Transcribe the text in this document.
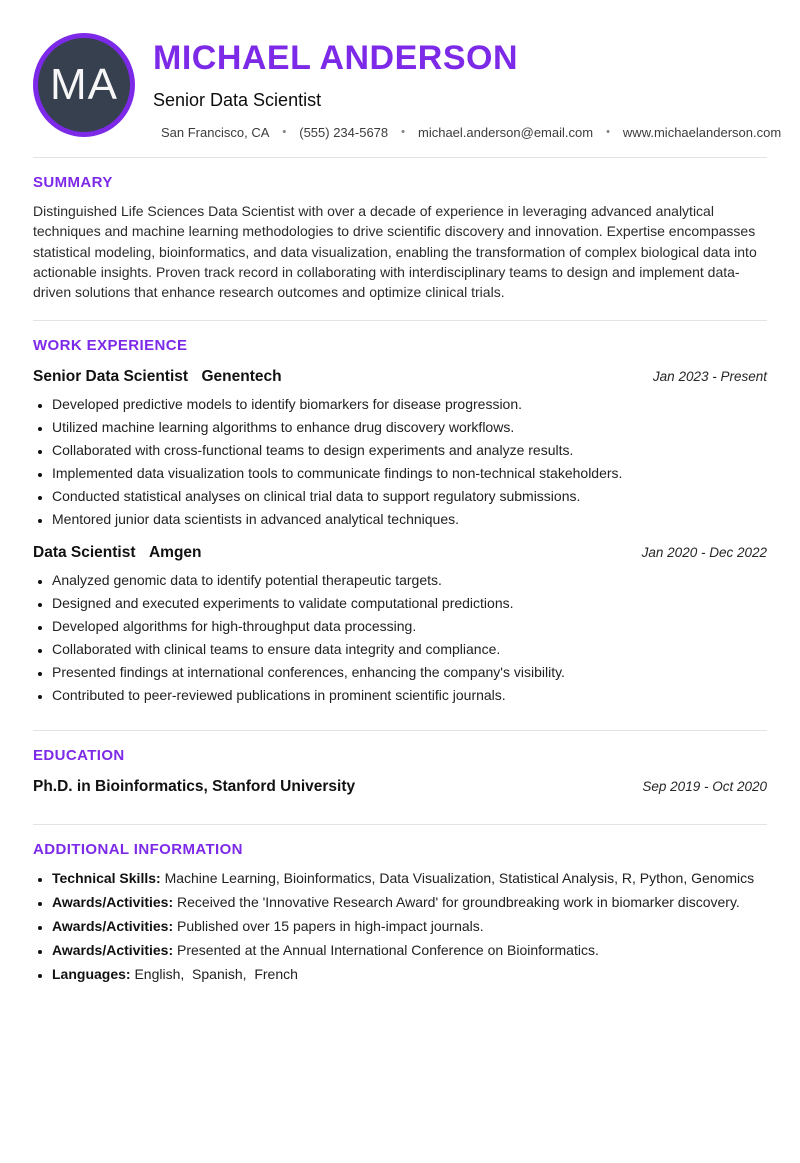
MA
MICHAEL ANDERSON
Senior Data Scientist
San Francisco, CA • (555) 234-5678 • michael.anderson@email.com • www.michaelanderson.com
SUMMARY

Distinguished Life Sciences Data Scientist with over a decade of experience in leveraging advanced analytical techniques and machine learning methodologies to drive scientific discovery and innovation. Expertise encompasses statistical modeling, bioinformatics, and data visualization, enabling the transformation of complex biological data into actionable insights. Proven track record in collaborating with interdisciplinary teams to design and implement data-driven solutions that enhance research outcomes and optimize clinical trials.

WORK EXPERIENCE
Senior Data Scientist Genentech	Jan 2023 - Present
• Developed predictive models to identify biomarkers for disease progression.
• Utilized machine learning algorithms to enhance drug discovery workflows.
• Collaborated with cross-functional teams to design experiments and analyze results.
• Implemented data visualization tools to communicate findings to non-technical stakeholders.
• Conducted statistical analyses on clinical trial data to support regulatory submissions.
• Mentored junior data scientists in advanced analytical techniques.
Data Scientist Amgen	Jan 2020 - Dec 2022
• Analyzed genomic data to identify potential therapeutic targets.
• Designed and executed experiments to validate computational predictions.
• Developed algorithms for high-throughput data processing.
• Collaborated with clinical teams to ensure data integrity and compliance.
• Presented findings at international conferences, enhancing the company's visibility.
• Contributed to peer-reviewed publications in prominent scientific journals.
EDUCATION
Ph.D. in Bioinformatics, Stanford University	Sep 2019 - Oct 2020
ADDITIONAL INFORMATION
• Technical Skills: Machine Learning, Bioinformatics, Data Visualization, Statistical Analysis, R, Python, Genomics
• Awards/Activities: Received the 'Innovative Research Award' for groundbreaking work in biomarker discovery.
• Awards/Activities: Published over 15 papers in high-impact journals.
• Awards/Activities: Presented at the Annual International Conference on Bioinformatics.
• Languages: English,  Spanish,  French
